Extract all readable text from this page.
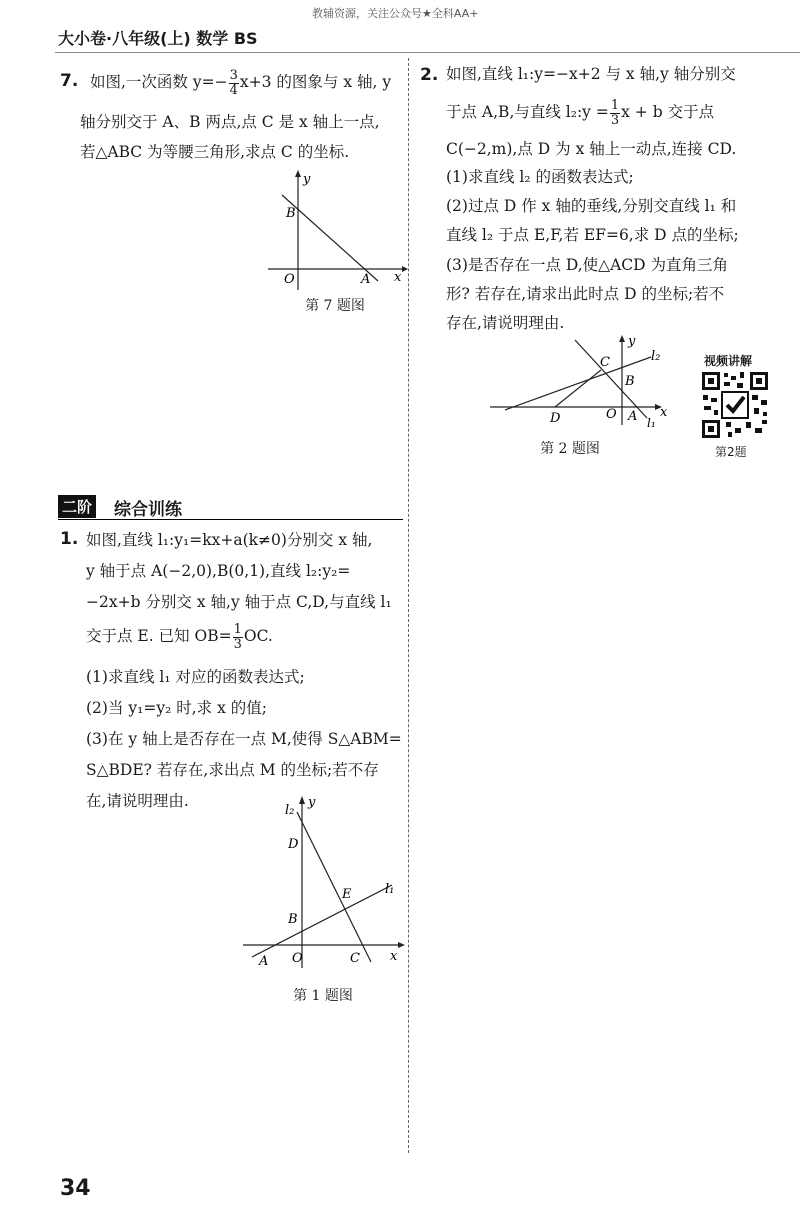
教辅资源，关注公众号★全科AA+
大小卷·八年级(上) 数学 BS
7. 如图,一次函数 $y=- \frac{3}{4} x+3$ 的图象与 x 轴, y

轴分别交于 A、B 两点,点 C 是 x 轴上一点,

若△ABC 为等腰三角形,求点 C 的坐标.

y
B
O	A x
第 7 题图
二阶 综合训练
1. 如图,直线 l₁:y₁=kx+a(k≠0)分别交 x 轴,

y 轴于点 A(−2,0),B(0,1),直线 l₂:y₂=

−2x+b 分别交 x 轴,y 轴于点 C,D,与直线 l₁

交于点 E. 已知 $OB= \frac{1}{3}$ OC.

(1)求直线 l₁ 对应的函数表达式;

(2)当 y₁=y₂ 时,求 x 的值;

(3)在 y 轴上是否存在一点 M,使得 S△ABM=

S△BDE? 若存在,求出点 M 的坐标;若不存

在,请说明理由.

l₂
y
D
E	l₁
B
A O	C x
第 1 题图
2. 如图,直线 l₁:y=−x+2 与 x 轴,y 轴分别交

于点 A,B,与直线 l₂:y = $\frac{1}{3}$ x + b 交于点

C(−2,m),点 D 为 x 轴上一动点,连接 CD.

(1)求直线 l₂ 的函数表达式;

(2)过点 D 作 x 轴的垂线,分别交直线 l₁ 和

直线 l₂ 于点 E,F,若 EF=6,求 D 点的坐标;

(3)是否存在一点 D,使△ACD 为直角三角

形? 若存在,请求出此时点 D 的坐标;若不

存在,请说明理由.

y
C	l₂
B
D	O A x
l₁
第 2 题图
视频讲解
第2题
34
